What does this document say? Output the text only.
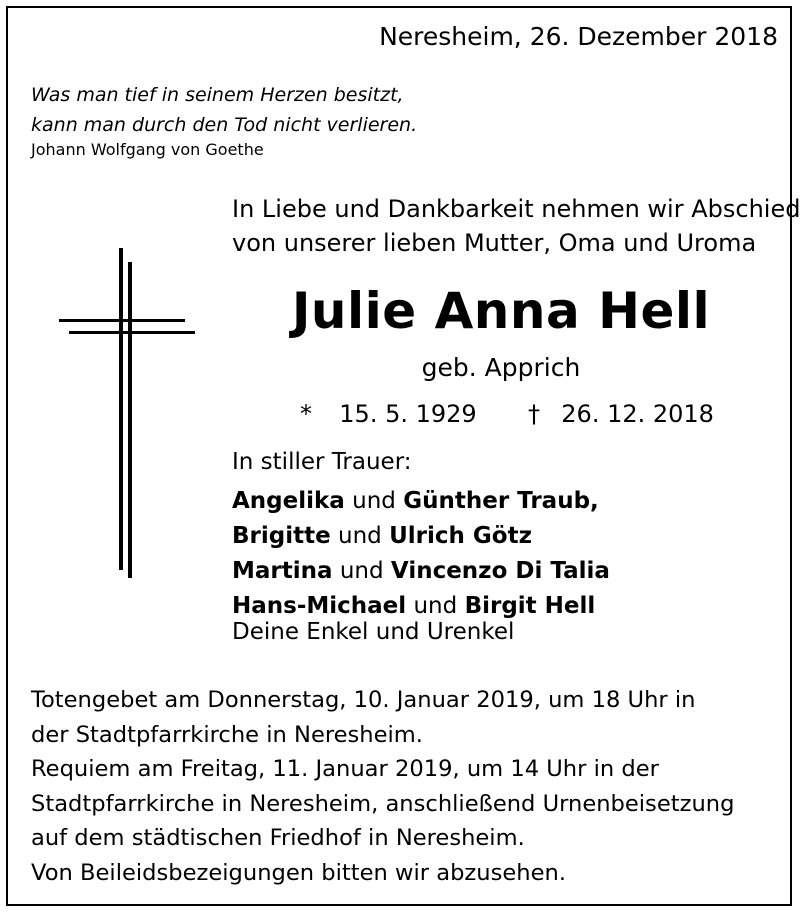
Neresheim, 26. Dezember 2018
Was man tief in seinem Herzen besitzt,
kann man durch den Tod nicht verlieren.
Johann Wolfgang von Goethe
In Liebe und Dankbarkeit nehmen wir Abschied
von unserer lieben Mutter, Oma und Uroma
Julie Anna Hell
geb. Apprich
* 15. 5. 1929 † 26. 12. 2018
In stiller Trauer:
Angelika und Günther Traub,
Brigitte und Ulrich Götz
Martina und Vincenzo Di Talia
Hans-Michael und Birgit Hell
Deine Enkel und Urenkel
Totengebet am Donnerstag, 10. Januar 2019, um 18 Uhr in
der Stadtpfarrkirche in Neresheim.
Requiem am Freitag, 11. Januar 2019, um 14 Uhr in der
Stadtpfarrkirche in Neresheim, anschließend Urnenbeisetzung
auf dem städtischen Friedhof in Neresheim.
Von Beileidsbezeigungen bitten wir abzusehen.
